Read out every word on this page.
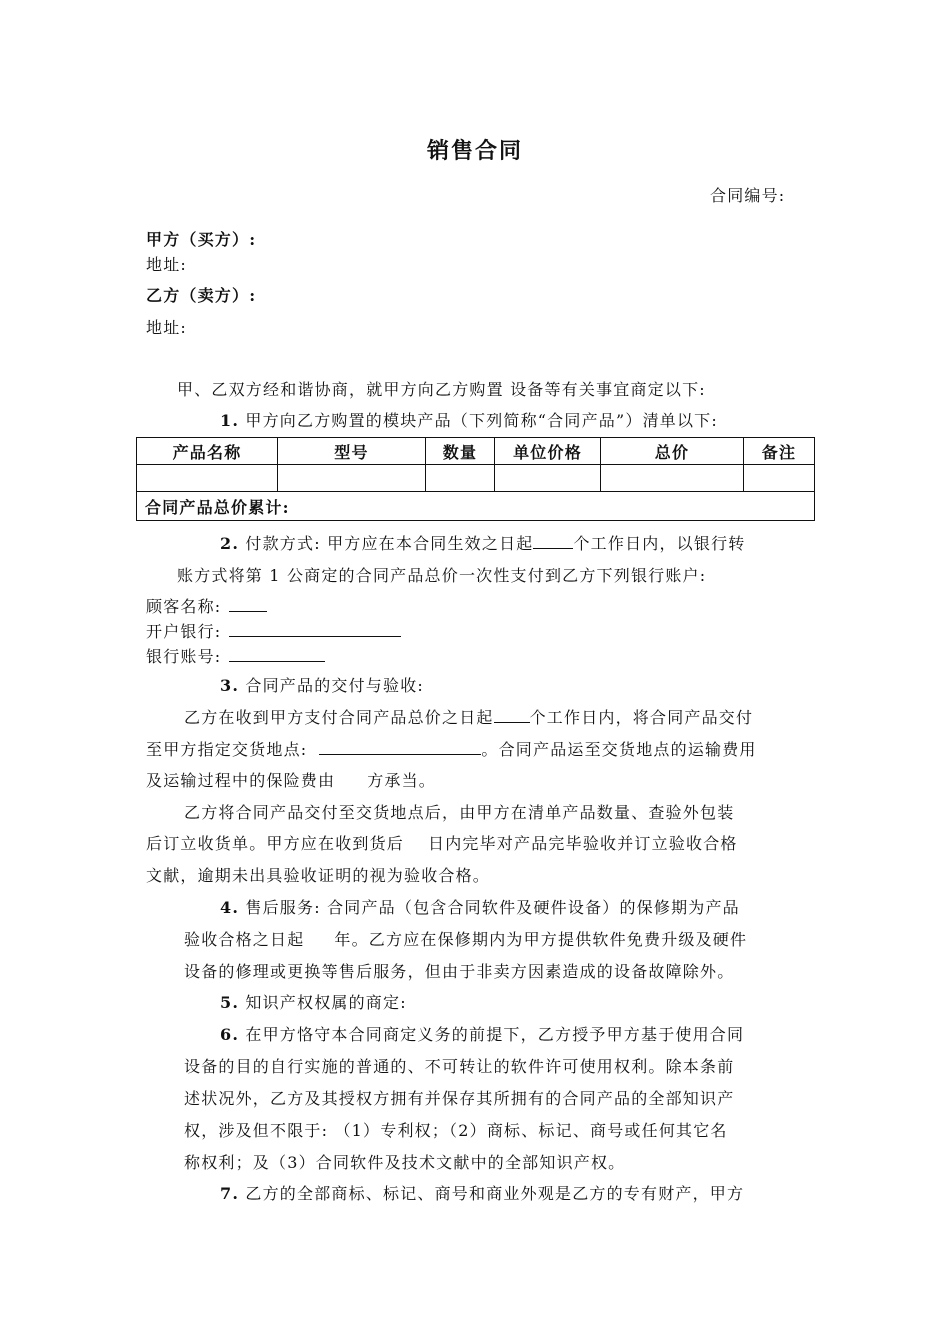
销售合同
合同编号:
甲方（买方）:
地址:
乙方（卖方）:
地址:
甲、乙双方经和谐协商，就甲方向乙方购置 设备等有关事宜商定以下:
1. 甲方向乙方购置的模块产品（下列简称“合同产品”）清单以下:
产品名称	型号	数量	单位价格	总价	备注

合同产品总价累计:					
2. 付款方式: 甲方应在本合同生效之日起	个工作日内，以银行转
账方式将第 1 公商定的合同产品总价一次性支付到乙方下列银行账户:
顾客名称:
开户银行:
银行账号:
3. 合同产品的交付与验收:
乙方在收到甲方支付合同产品总价之日起 个工作日内，将合同产品交付
至甲方指定交货地点:	。合同产品运至交货地点的运输费用
及运输过程中的保险费由 方承当。
乙方将合同产品交付至交货地点后，由甲方在清单产品数量、查验外包装
后订立收货单。甲方应在收到货后 日内完毕对产品完毕验收并订立验收合格
文献，逾期未出具验收证明的视为验收合格。
4. 售后服务: 合同产品（包含合同软件及硬件设备）的保修期为产品
验收合格之日起 年。乙方应在保修期内为甲方提供软件免费升级及硬件
设备的修理或更换等售后服务，但由于非卖方因素造成的设备故障除外。
5. 知识产权权属的商定:
6. 在甲方恪守本合同商定义务的前提下，乙方授予甲方基于使用合同
设备的目的自行实施的普通的、不可转让的软件许可使用权利。除本条前
述状况外，乙方及其授权方拥有并保存其所拥有的合同产品的全部知识产
权，涉及但不限于: （1）专利权；（2）商标、标记、商号或任何其它名
称权利；及（3）合同软件及技术文献中的全部知识产权。
7. 乙方的全部商标、标记、商号和商业外观是乙方的专有财产，甲方
